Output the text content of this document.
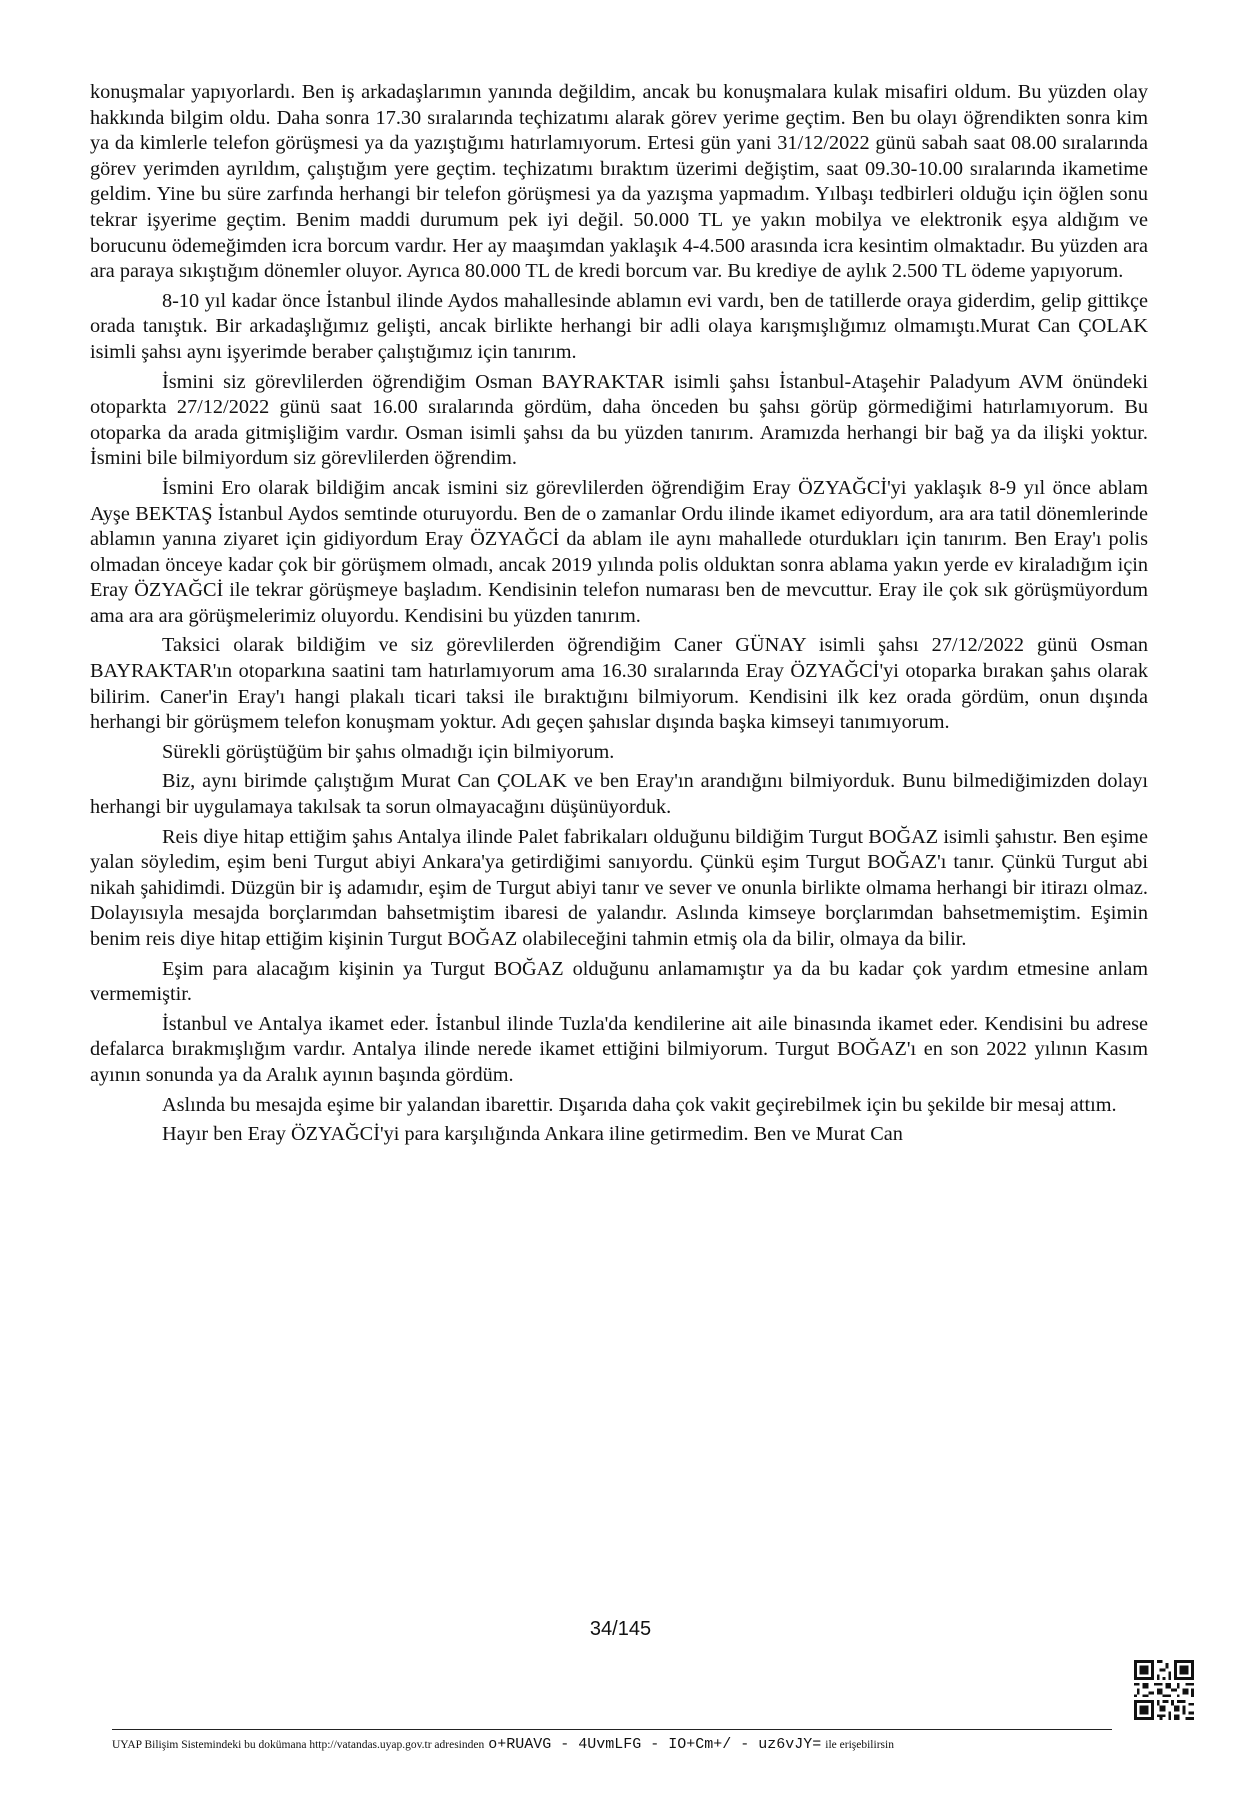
konuşmalar yapıyorlardı. Ben iş arkadaşlarımın yanında değildim, ancak bu konuşmalara kulak misafiri oldum. Bu yüzden olay hakkında bilgim oldu. Daha sonra 17.30 sıralarında teçhizatımı alarak görev yerime geçtim. Ben bu olayı öğrendikten sonra kim ya da kimlerle telefon görüşmesi ya da yazıştığımı hatırlamıyorum. Ertesi gün yani 31/12/2022 günü sabah saat 08.00 sıralarında görev yerimden ayrıldım, çalıştığım yere geçtim. teçhizatımı bıraktım üzerimi değiştim, saat 09.30-10.00 sıralarında ikametime geldim. Yine bu süre zarfında herhangi bir telefon görüşmesi ya da yazışma yapmadım. Yılbaşı tedbirleri olduğu için öğlen sonu tekrar işyerime geçtim. Benim maddi durumum pek iyi değil. 50.000 TL ye yakın mobilya ve elektronik eşya aldığım ve borucunu ödemeğimden icra borcum vardır. Her ay maaşımdan yaklaşık 4-4.500 arasında icra kesintim olmaktadır. Bu yüzden ara ara paraya sıkıştığım dönemler oluyor. Ayrıca 80.000 TL de kredi borcum var. Bu krediye de aylık 2.500 TL ödeme yapıyorum.

8-10 yıl kadar önce İstanbul ilinde Aydos mahallesinde ablamın evi vardı, ben de tatillerde oraya giderdim, gelip gittikçe orada tanıştık. Bir arkadaşlığımız gelişti, ancak birlikte herhangi bir adli olaya karışmışlığımız olmamıştı.Murat Can ÇOLAK isimli şahsı aynı işyerimde beraber çalıştığımız için tanırım.

İsmini siz görevlilerden öğrendiğim Osman BAYRAKTAR isimli şahsı İstanbul-Ataşehir Paladyum AVM önündeki otoparkta 27/12/2022 günü saat 16.00 sıralarında gördüm, daha önceden bu şahsı görüp görmediğimi hatırlamıyorum. Bu otoparka da arada gitmişliğim vardır. Osman isimli şahsı da bu yüzden tanırım. Aramızda herhangi bir bağ ya da ilişki yoktur. İsmini bile bilmiyordum siz görevlilerden öğrendim.

İsmini Ero olarak bildiğim ancak ismini siz görevlilerden öğrendiğim Eray ÖZYAĞCİ'yi yaklaşık 8-9 yıl önce ablam Ayşe BEKTAŞ İstanbul Aydos semtinde oturuyordu. Ben de o zamanlar Ordu ilinde ikamet ediyordum, ara ara tatil dönemlerinde ablamın yanına ziyaret için gidiyordum Eray ÖZYAĞCİ da ablam ile aynı mahallede oturdukları için tanırım. Ben Eray'ı polis olmadan önceye kadar çok bir görüşmem olmadı, ancak 2019 yılında polis olduktan sonra ablama yakın yerde ev kiraladığım için Eray ÖZYAĞCİ ile tekrar görüşmeye başladım. Kendisinin telefon numarası ben de mevcuttur. Eray ile çok sık görüşmüyordum ama ara ara görüşmelerimiz oluyordu. Kendisini bu yüzden tanırım.

Taksici olarak bildiğim ve siz görevlilerden öğrendiğim Caner GÜNAY isimli şahsı 27/12/2022 günü Osman BAYRAKTAR'ın otoparkına saatini tam hatırlamıyorum ama 16.30 sıralarında Eray ÖZYAĞCİ'yi otoparka bırakan şahıs olarak bilirim. Caner'in Eray'ı hangi plakalı ticari taksi ile bıraktığını bilmiyorum. Kendisini ilk kez orada gördüm, onun dışında herhangi bir görüşmem telefon konuşmam yoktur. Adı geçen şahıslar dışında başka kimseyi tanımıyorum.

Sürekli görüştüğüm bir şahıs olmadığı için bilmiyorum.

Biz, aynı birimde çalıştığım Murat Can ÇOLAK ve ben Eray'ın arandığını bilmiyorduk. Bunu bilmediğimizden dolayı herhangi bir uygulamaya takılsak ta sorun olmayacağını düşünüyorduk.

Reis diye hitap ettiğim şahıs Antalya ilinde Palet fabrikaları olduğunu bildiğim Turgut BOĞAZ isimli şahıstır. Ben eşime yalan söyledim, eşim beni Turgut abiyi Ankara'ya getirdiğimi sanıyordu. Çünkü eşim Turgut BOĞAZ'ı tanır. Çünkü Turgut abi nikah şahidimdi. Düzgün bir iş adamıdır, eşim de Turgut abiyi tanır ve sever ve onunla birlikte olmama herhangi bir itirazı olmaz. Dolayısıyla mesajda borçlarımdan bahsetmiştim ibaresi de yalandır. Aslında kimseye borçlarımdan bahsetmemiştim. Eşimin benim reis diye hitap ettiğim kişinin Turgut BOĞAZ olabileceğini tahmin etmiş ola da bilir, olmaya da bilir.

Eşim para alacağım kişinin ya Turgut BOĞAZ olduğunu anlamamıştır ya da bu kadar çok yardım etmesine anlam vermemiştir.

İstanbul ve Antalya ikamet eder. İstanbul ilinde Tuzla'da kendilerine ait aile binasında ikamet eder. Kendisini bu adrese defalarca bırakmışlığım vardır. Antalya ilinde nerede ikamet ettiğini bilmiyorum. Turgut BOĞAZ'ı en son 2022 yılının Kasım ayının sonunda ya da Aralık ayının başında gördüm.

Aslında bu mesajda eşime bir yalandan ibarettir. Dışarıda daha çok vakit geçirebilmek için bu şekilde bir mesaj attım.

Hayır ben Eray ÖZYAĞCİ'yi para karşılığında Ankara iline getirmedim. Ben ve Murat Can

34/145
UYAP Bilişim Sistemindeki bu dokümana http://vatandas.uyap.gov.tr adresinden o+RUAVG - 4UvmLFG - IO+Cm+/ - uz6vJY= ile erişebilirsin
